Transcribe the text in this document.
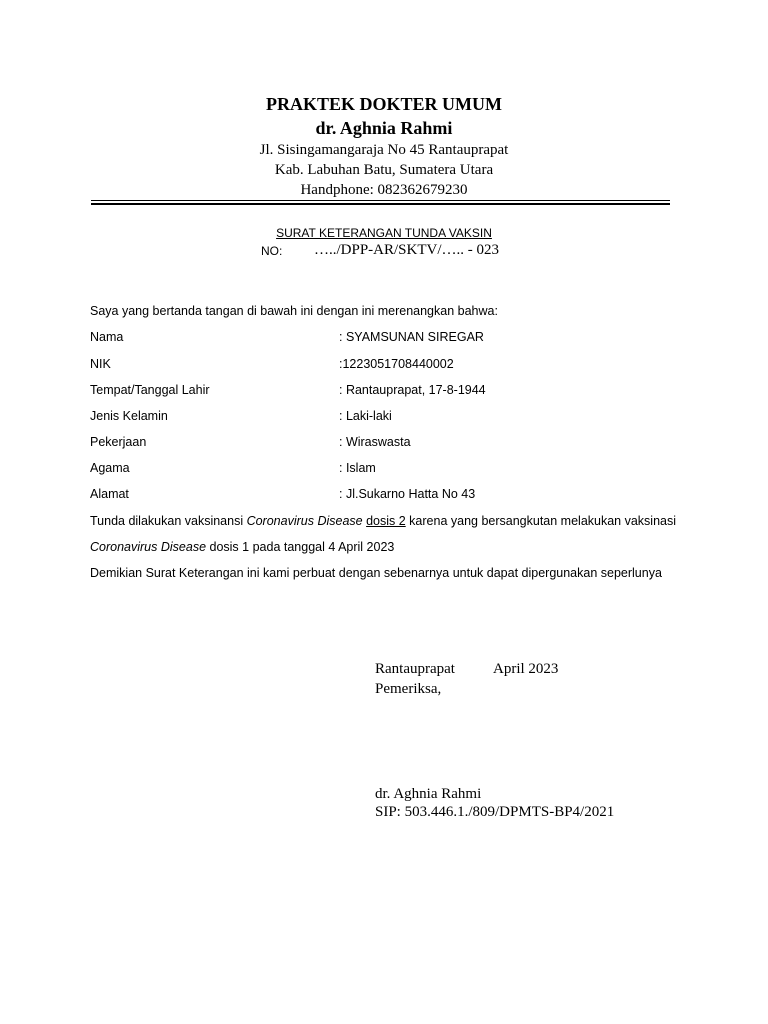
PRAKTEK DOKTER UMUM
dr. Aghnia Rahmi
Jl. Sisingamangaraja No 45 Rantauprapat
Kab. Labuhan Batu, Sumatera Utara
Handphone: 082362679230
SURAT KETERANGAN TUNDA VAKSIN
NO: …../DPP-AR/SKTV/….. - 023
Saya yang bertanda tangan di bawah ini dengan ini merenangkan bahwa:
Nama	: SYAMSUNAN SIREGAR
NIK	:1223051708440002
Tempat/Tanggal Lahir	: Rantauprapat, 17-8-1944
Jenis Kelamin	: Laki-laki
Pekerjaan	: Wiraswasta
Agama	: Islam
Alamat	: Jl.Sukarno Hatta No 43
Tunda dilakukan vaksinansi Coronavirus Disease dosis 2 karena yang bersangkutan melakukan vaksinasi
Coronavirus Disease dosis 1 pada tanggal 4 April 2023
Demikian Surat Keterangan ini kami perbuat dengan sebenarnya untuk dapat dipergunakan seperlunya
Rantauprapat	April 2023
Pemeriksa,
dr. Aghnia Rahmi
SIP: 503.446.1./809/DPMTS-BP4/2021
